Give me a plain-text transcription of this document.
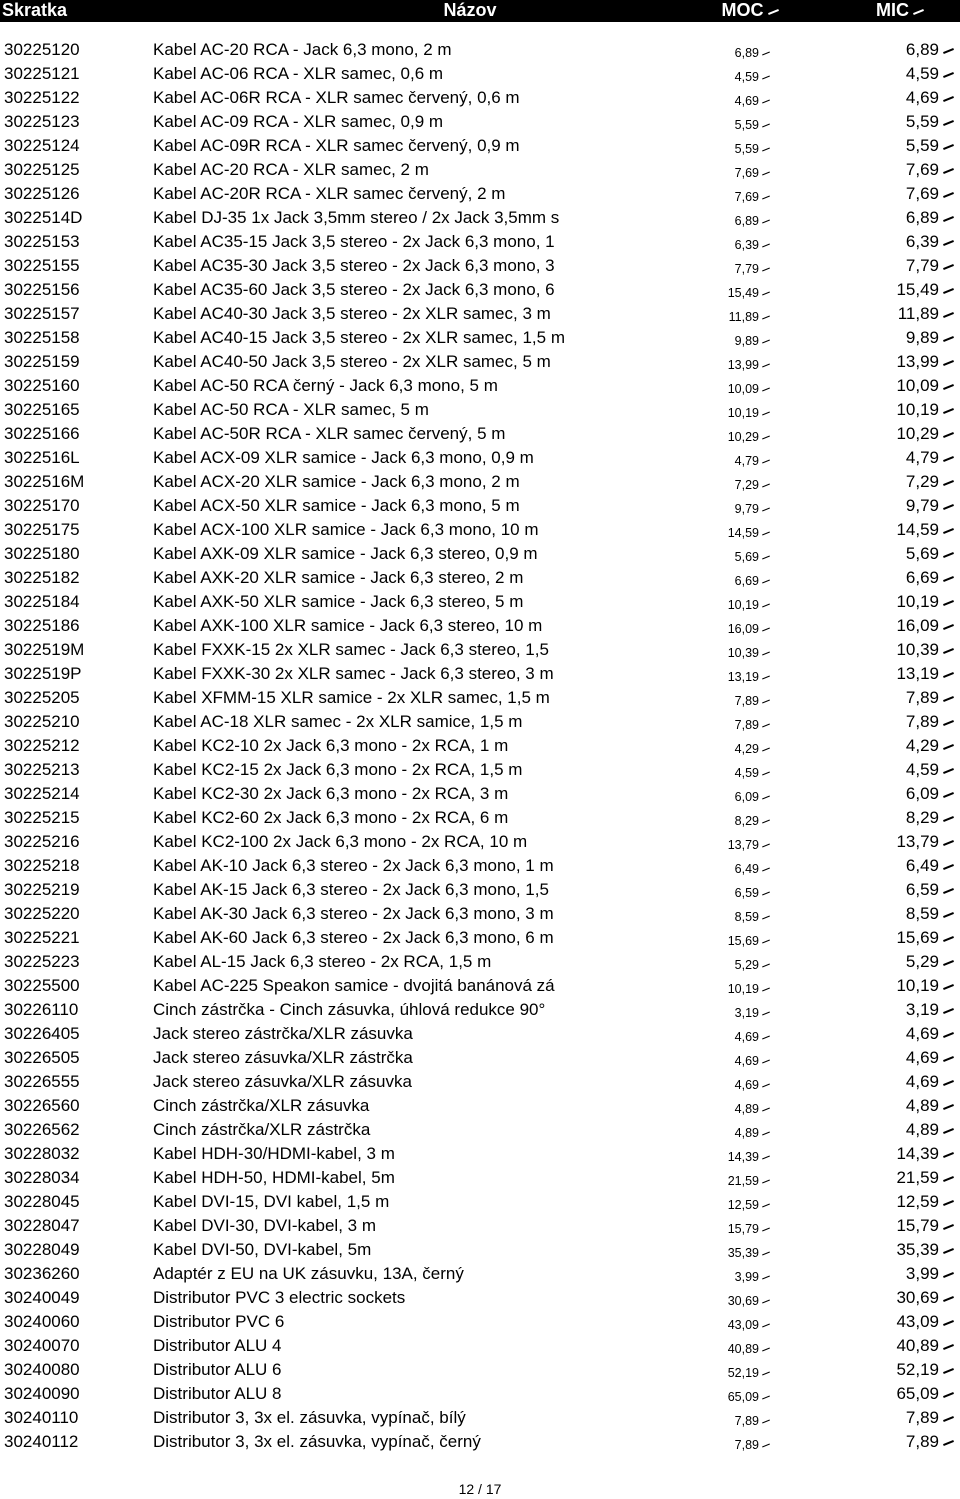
Skratka	Názov	MOC	MIC
30225120	Kabel AC-20 RCA - Jack 6,3 mono, 2 m	6,89	6,89
30225121	Kabel AC-06 RCA - XLR samec, 0,6 m	4,59	4,59
30225122	Kabel AC-06R RCA - XLR samec červený, 0,6 m	4,69	4,69
30225123	Kabel AC-09 RCA - XLR samec, 0,9 m	5,59	5,59
30225124	Kabel AC-09R RCA - XLR samec červený, 0,9 m	5,59	5,59
30225125	Kabel AC-20 RCA - XLR samec, 2 m	7,69	7,69
30225126	Kabel AC-20R RCA - XLR samec červený, 2 m	7,69	7,69
3022514D	Kabel DJ-35 1x Jack 3,5mm stereo / 2x Jack 3,5mm s	6,89	6,89
30225153	Kabel AC35-15 Jack 3,5 stereo - 2x Jack 6,3 mono, 1	6,39	6,39
30225155	Kabel AC35-30 Jack 3,5 stereo - 2x Jack 6,3 mono, 3	7,79	7,79
30225156	Kabel AC35-60 Jack 3,5 stereo - 2x Jack 6,3 mono, 6	15,49	15,49
30225157	Kabel AC40-30 Jack 3,5 stereo - 2x XLR samec, 3 m	11,89	11,89
30225158	Kabel AC40-15 Jack 3,5 stereo - 2x XLR samec, 1,5 m	9,89	9,89
30225159	Kabel AC40-50 Jack 3,5 stereo - 2x XLR samec, 5 m	13,99	13,99
30225160	Kabel AC-50 RCA černý - Jack 6,3 mono, 5 m	10,09	10,09
30225165	Kabel AC-50 RCA - XLR samec, 5 m	10,19	10,19
30225166	Kabel AC-50R RCA - XLR samec červený, 5 m	10,29	10,29
3022516L	Kabel ACX-09 XLR samice - Jack 6,3 mono, 0,9 m	4,79	4,79
3022516M	Kabel ACX-20 XLR samice - Jack 6,3 mono, 2 m	7,29	7,29
30225170	Kabel ACX-50 XLR samice - Jack 6,3 mono, 5 m	9,79	9,79
30225175	Kabel ACX-100 XLR samice - Jack 6,3 mono, 10 m	14,59	14,59
30225180	Kabel AXK-09 XLR samice - Jack 6,3 stereo, 0,9 m	5,69	5,69
30225182	Kabel AXK-20 XLR samice - Jack 6,3 stereo, 2 m	6,69	6,69
30225184	Kabel AXK-50 XLR samice - Jack 6,3 stereo, 5 m	10,19	10,19
30225186	Kabel AXK-100 XLR samice - Jack 6,3 stereo, 10 m	16,09	16,09
3022519M	Kabel FXXK-15 2x XLR samec - Jack 6,3 stereo, 1,5	10,39	10,39
3022519P	Kabel FXXK-30 2x XLR samec - Jack 6,3 stereo, 3 m	13,19	13,19
30225205	Kabel XFMM-15 XLR samice - 2x XLR samec, 1,5 m	7,89	7,89
30225210	Kabel AC-18 XLR samec - 2x XLR samice, 1,5 m	7,89	7,89
30225212	Kabel KC2-10 2x Jack 6,3 mono - 2x RCA, 1 m	4,29	4,29
30225213	Kabel KC2-15 2x Jack 6,3 mono - 2x RCA, 1,5 m	4,59	4,59
30225214	Kabel KC2-30 2x Jack 6,3 mono - 2x RCA, 3 m	6,09	6,09
30225215	Kabel KC2-60 2x Jack 6,3 mono - 2x RCA, 6 m	8,29	8,29
30225216	Kabel KC2-100 2x Jack 6,3 mono - 2x RCA, 10 m	13,79	13,79
30225218	Kabel AK-10 Jack 6,3 stereo - 2x Jack 6,3 mono, 1 m	6,49	6,49
30225219	Kabel AK-15 Jack 6,3 stereo - 2x Jack 6,3 mono, 1,5	6,59	6,59
30225220	Kabel AK-30 Jack 6,3 stereo - 2x Jack 6,3 mono, 3 m	8,59	8,59
30225221	Kabel AK-60 Jack 6,3 stereo - 2x Jack 6,3 mono, 6 m	15,69	15,69
30225223	Kabel AL-15 Jack 6,3 stereo - 2x RCA, 1,5 m	5,29	5,29
30225500	Kabel AC-225 Speakon samice - dvojitá banánová zá	10,19	10,19
30226110	Cinch zástrčka - Cinch zásuvka, úhlová redukce 90°	3,19	3,19
30226405	Jack stereo zástrčka/XLR zásuvka	4,69	4,69
30226505	Jack stereo zásuvka/XLR zástrčka	4,69	4,69
30226555	Jack stereo zásuvka/XLR zásuvka	4,69	4,69
30226560	Cinch zástrčka/XLR zásuvka	4,89	4,89
30226562	Cinch zástrčka/XLR zástrčka	4,89	4,89
30228032	Kabel HDH-30/HDMI-kabel, 3 m	14,39	14,39
30228034	Kabel HDH-50, HDMI-kabel, 5m	21,59	21,59
30228045	Kabel DVI-15, DVI kabel, 1,5 m	12,59	12,59
30228047	Kabel DVI-30, DVI-kabel, 3 m	15,79	15,79
30228049	Kabel DVI-50, DVI-kabel, 5m	35,39	35,39
30236260	Adaptér z EU na UK zásuvku, 13A, černý	3,99	3,99
30240049	Distributor PVC 3 electric sockets	30,69	30,69
30240060	Distributor PVC 6	43,09	43,09
30240070	Distributor ALU 4	40,89	40,89
30240080	Distributor ALU 6	52,19	52,19
30240090	Distributor ALU 8	65,09	65,09
30240110	Distributor 3, 3x el. zásuvka, vypínač, bílý	7,89	7,89
30240112	Distributor 3, 3x el. zásuvka, vypínač, černý	7,89	7,89
12 / 17
